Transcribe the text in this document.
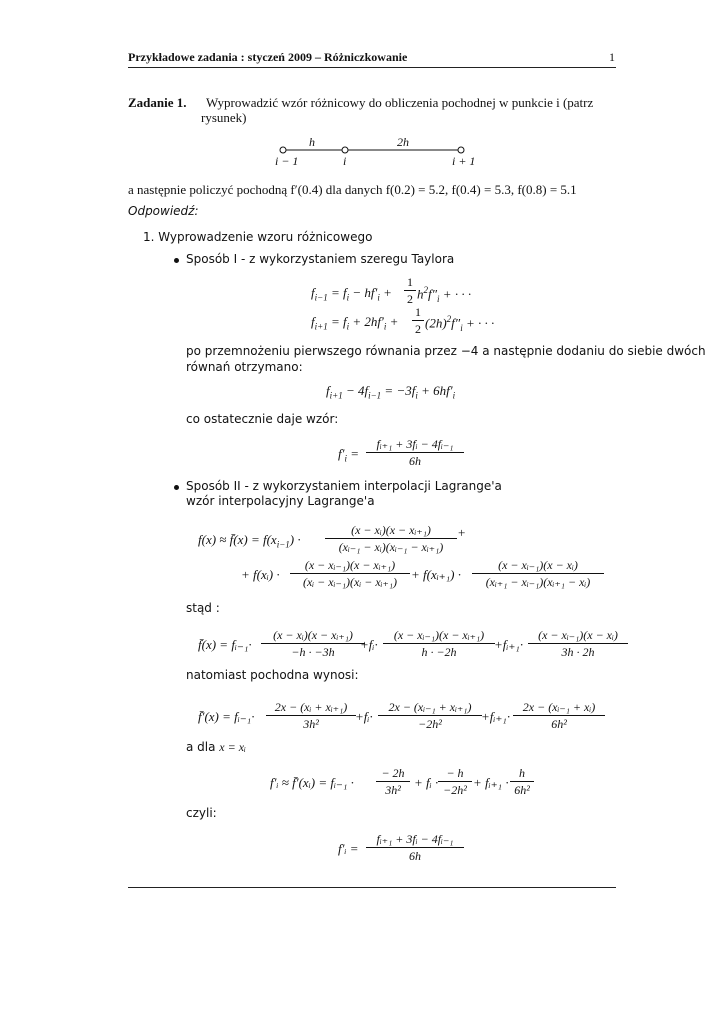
Przykładowe zadania : styczeń 2009 – Różniczkowanie	1
Zadanie 1. Wyprowadzić wzór różnicowy do obliczenia pochodnej w punkcie i (patrz
rysunek)
h	2h
i − 1	i	i + 1
a następnie policzyć pochodną f′(0.4) dla danych f(0.2) = 5.2, f(0.4) = 5.3, f(0.8) = 5.1
Odpowiedź:
1. Wyprowadzenie wzoru różnicowego
Sposób I - z wykorzystaniem szeregu Taylora
$f_{i-1} = f_i - hf'_i$ +
1
2 $h^2f''_i$ + · · ·
$f_{i+1} = f_i + 2hf'_i$ +
1
2 $(2h)^2f''_i$ + · · ·
po przemnożeniu pierwszego równania przez −4 a następnie dodaniu do siebie dwóch
równań otrzymano:
$f_{i+1} - 4f_{i-1} = -3f_i + 6hf'_i$
co ostatecznie daje wzór:
$f'_i$ =
fᵢ₊₁ + 3fᵢ − 4fᵢ₋₁
6h
Sposób II - z wykorzystaniem interpolacji Lagrange'a
wzór interpolacyjny Lagrange'a
f(x) ≈ f̄(x) = $f(x_{i-1})$ ·
(x − xᵢ)(x − xᵢ₊₁)
(xᵢ₋₁ − xᵢ)(xᵢ₋₁ − xᵢ₊₁)
+
+ f(xᵢ) ·
(x − xᵢ₋₁)(x − xᵢ₊₁)
(xᵢ − xᵢ₋₁)(xᵢ − xᵢ₊₁)	+ f(xᵢ₊₁) ·
(x − xᵢ₋₁)(x − xᵢ)
(xᵢ₊₁ − xᵢ₋₁)(xᵢ₊₁ − xᵢ)
stąd :
f̄(x) = fᵢ₋₁·
(x − xᵢ)(x − xᵢ₊₁)
−h · −3h	+fᵢ·
(x − xᵢ₋₁)(x − xᵢ₊₁)
h · −2h	+fᵢ₊₁·
(x − xᵢ₋₁)(x − xᵢ)
3h · 2h
natomiast pochodna wynosi:
f̄′(x) = fᵢ₋₁·
2x − (xᵢ + xᵢ₊₁)
3h²	+fᵢ·
2x − (xᵢ₋₁ + xᵢ₊₁)
−2h²	+fᵢ₊₁·
2x − (xᵢ₋₁ + xᵢ)
6h²
a dla x = xᵢ
f′ᵢ ≈ f̄′(xᵢ) = fᵢ₋₁ ·
− 2h
3h²	+ fᵢ ·
− h
−2h² + fᵢ₊₁ ·
h
6h²
czyli:
f′ᵢ =
fᵢ₊₁ + 3fᵢ − 4fᵢ₋₁
6h
